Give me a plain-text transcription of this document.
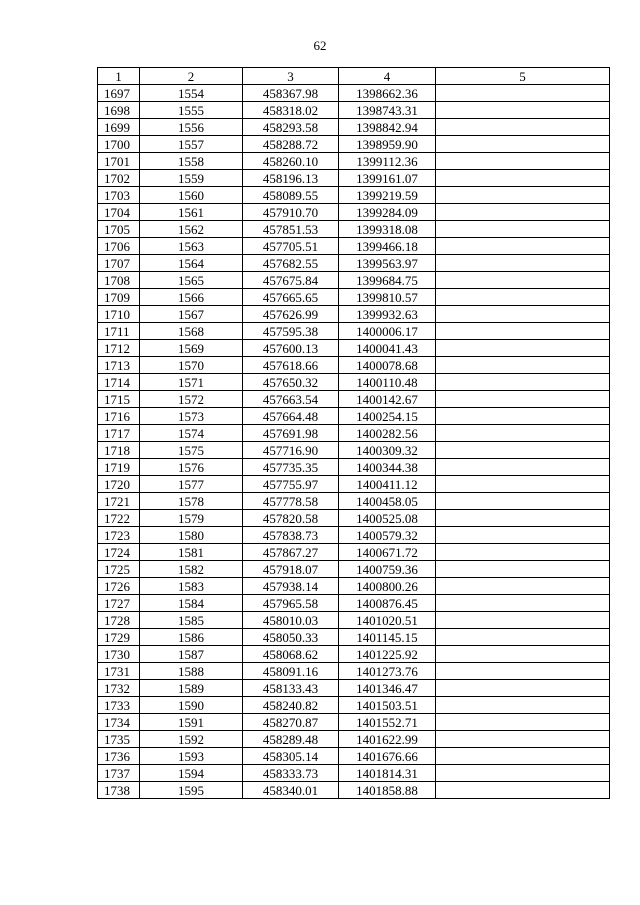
62
1	2	3	4	5
1697	1554	458367.98	1398662.36	
1698	1555	458318.02	1398743.31	
1699	1556	458293.58	1398842.94	
1700	1557	458288.72	1398959.90	
1701	1558	458260.10	1399112.36	
1702	1559	458196.13	1399161.07	
1703	1560	458089.55	1399219.59	
1704	1561	457910.70	1399284.09	
1705	1562	457851.53	1399318.08	
1706	1563	457705.51	1399466.18	
1707	1564	457682.55	1399563.97	
1708	1565	457675.84	1399684.75	
1709	1566	457665.65	1399810.57	
1710	1567	457626.99	1399932.63	
1711	1568	457595.38	1400006.17	
1712	1569	457600.13	1400041.43	
1713	1570	457618.66	1400078.68	
1714	1571	457650.32	1400110.48	
1715	1572	457663.54	1400142.67	
1716	1573	457664.48	1400254.15	
1717	1574	457691.98	1400282.56	
1718	1575	457716.90	1400309.32	
1719	1576	457735.35	1400344.38	
1720	1577	457755.97	1400411.12	
1721	1578	457778.58	1400458.05	
1722	1579	457820.58	1400525.08	
1723	1580	457838.73	1400579.32	
1724	1581	457867.27	1400671.72	
1725	1582	457918.07	1400759.36	
1726	1583	457938.14	1400800.26	
1727	1584	457965.58	1400876.45	
1728	1585	458010.03	1401020.51	
1729	1586	458050.33	1401145.15	
1730	1587	458068.62	1401225.92	
1731	1588	458091.16	1401273.76	
1732	1589	458133.43	1401346.47	
1733	1590	458240.82	1401503.51	
1734	1591	458270.87	1401552.71	
1735	1592	458289.48	1401622.99	
1736	1593	458305.14	1401676.66	
1737	1594	458333.73	1401814.31	
1738	1595	458340.01	1401858.88	
